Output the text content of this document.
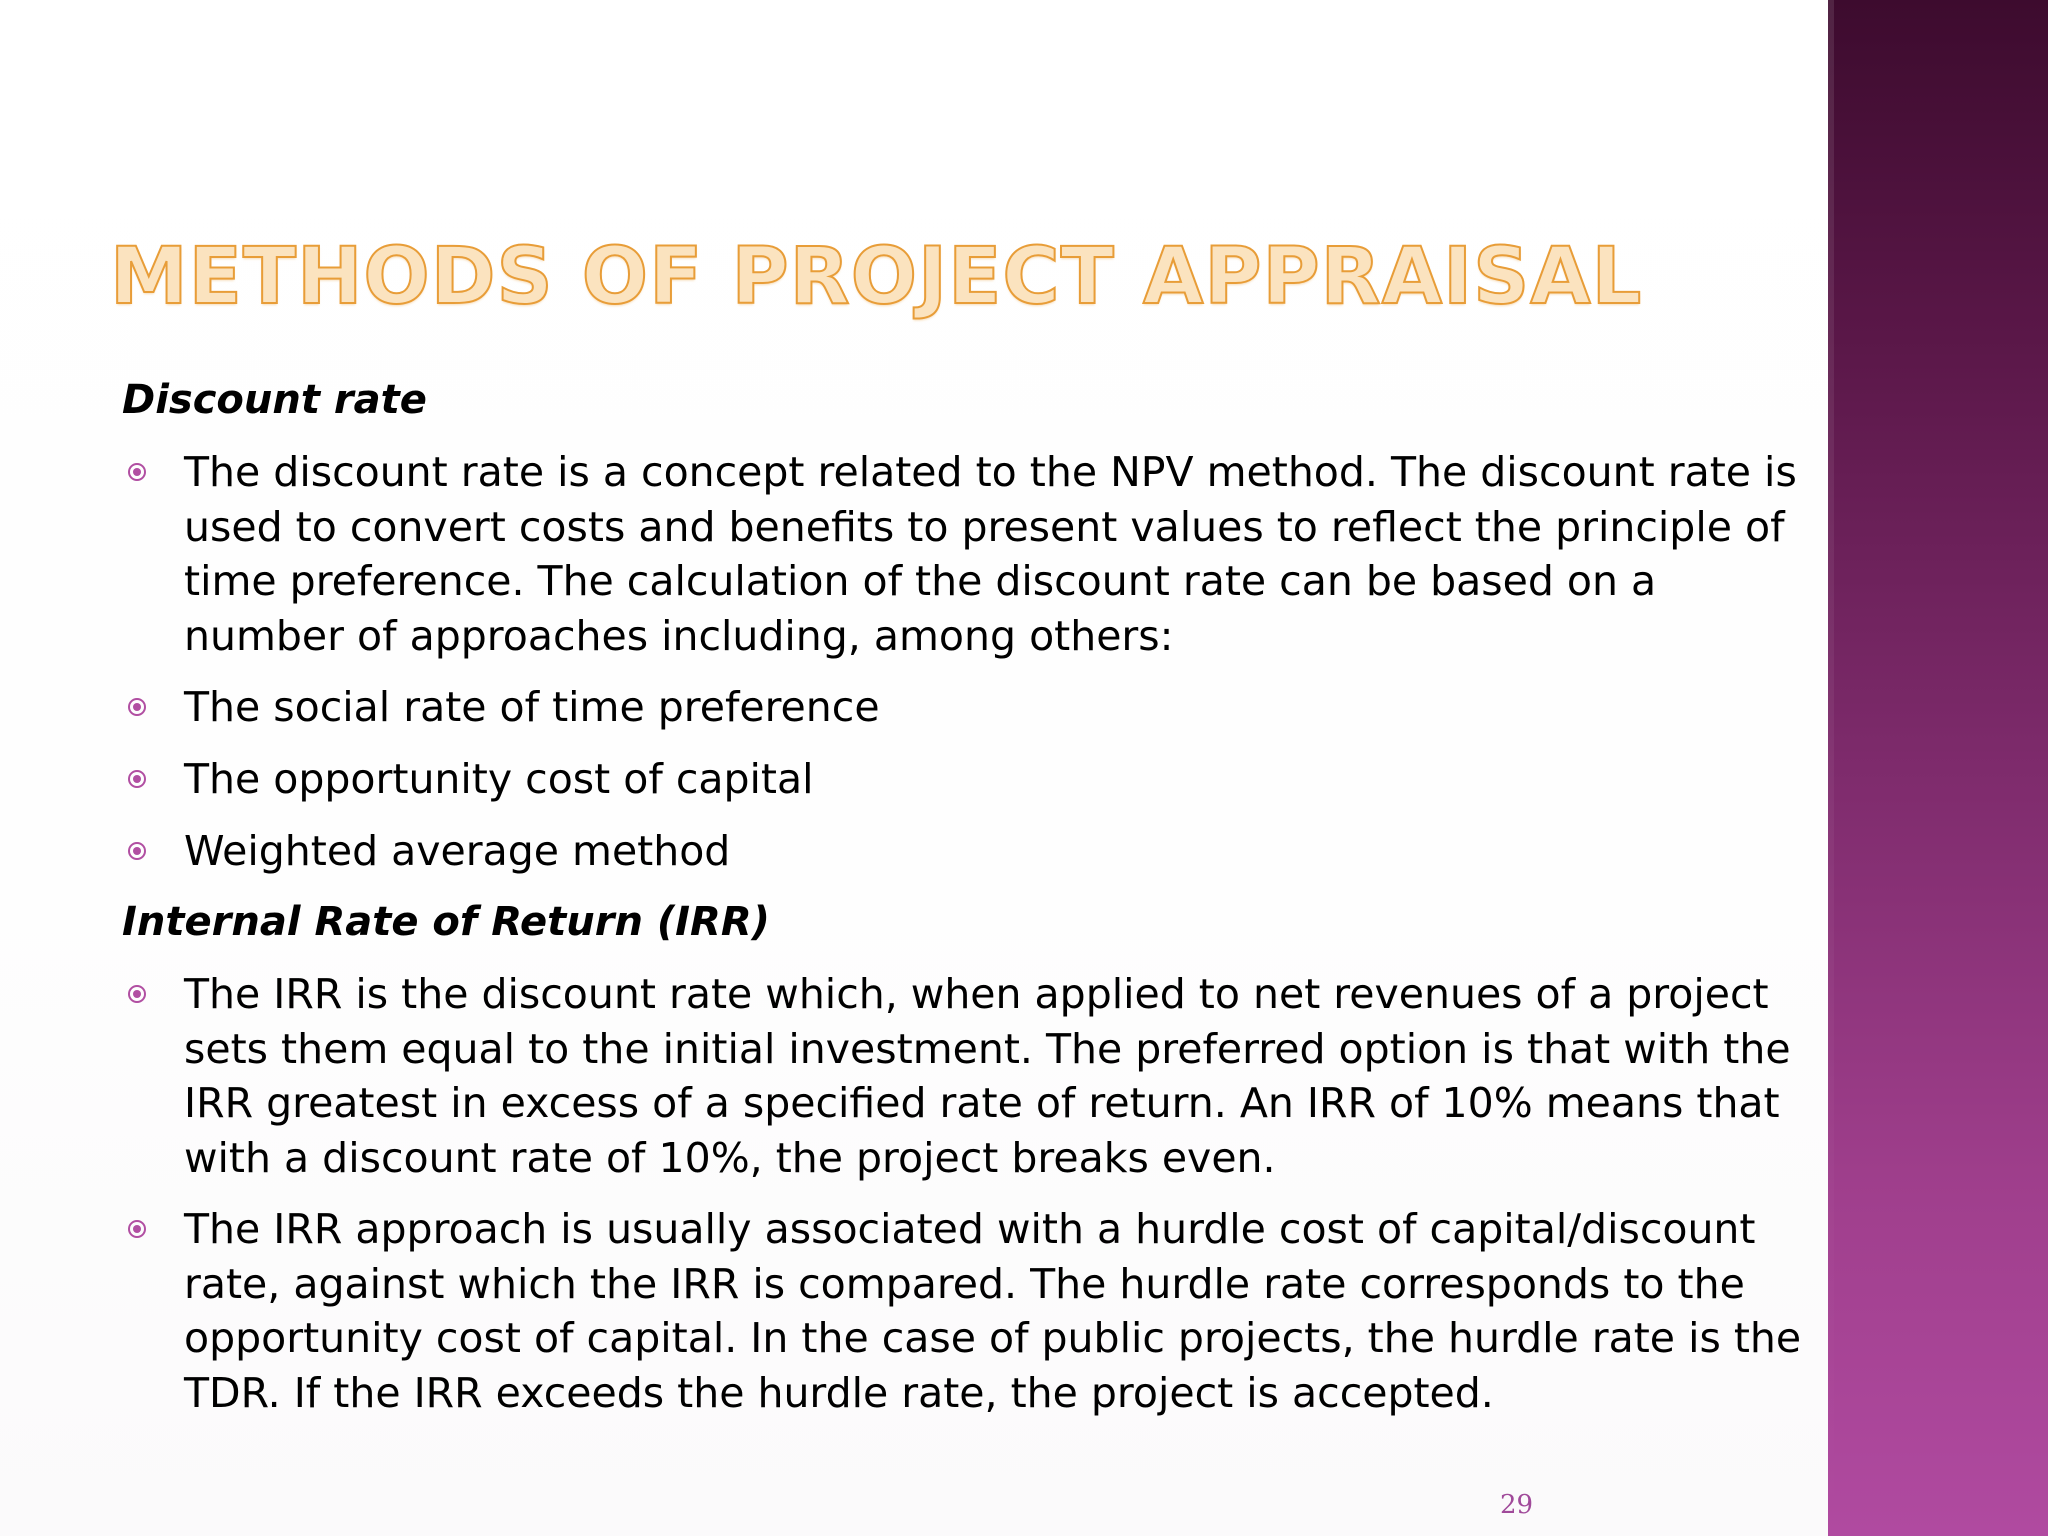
METHODS OF PROJECT APPRAISAL
Discount rate
The discount rate is a concept related to the NPV method. The discount rate is used to convert costs and benefits to present values to reflect the principle of time preference. The calculation of the discount rate can be based on a number of approaches including, among others:
The social rate of time preference
The opportunity cost of capital
Weighted average method
Internal Rate of Return (IRR)
The IRR is the discount rate which, when applied to net revenues of a project sets them equal to the initial investment. The preferred option is that with the IRR greatest in excess of a specified rate of return. An IRR of 10% means that with a discount rate of 10%, the project breaks even.
The IRR approach is usually associated with a hurdle cost of capital/discount rate, against which the IRR is compared. The hurdle rate corresponds to the opportunity cost of capital. In the case of public projects, the hurdle rate is the TDR. If the IRR exceeds the hurdle rate, the project is accepted.
29
